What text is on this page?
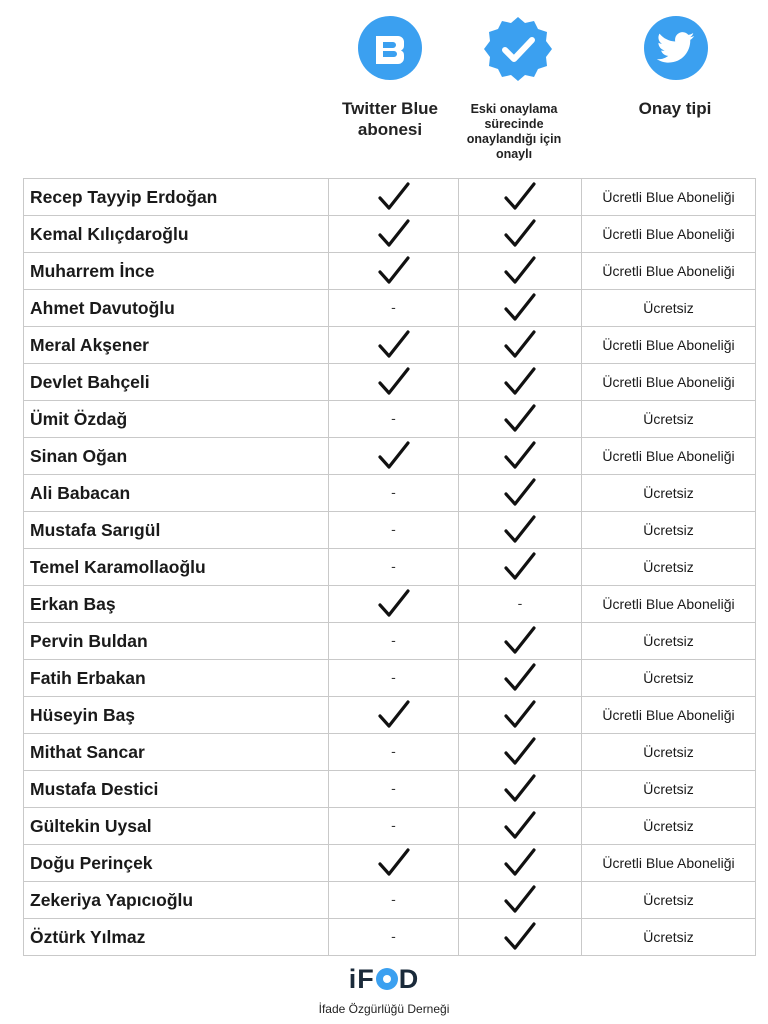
Twitter Blue abonesi
Eski onaylama sürecinde onaylandığı için onaylı
Onay tipi
Recep Tayyip Erdoğan			Ücretli Blue Aboneliği
Kemal Kılıçdaroğlu			Ücretli Blue Aboneliği
Muharrem İnce			Ücretli Blue Aboneliği
Ahmet Davutoğlu	-		Ücretsiz
Meral Akşener			Ücretli Blue Aboneliği
Devlet Bahçeli			Ücretli Blue Aboneliği
Ümit Özdağ	-		Ücretsiz
Sinan Oğan			Ücretli Blue Aboneliği
Ali Babacan	-		Ücretsiz
Mustafa Sarıgül	-		Ücretsiz
Temel Karamollaoğlu	-		Ücretsiz
Erkan Baş		-	Ücretli Blue Aboneliği
Pervin Buldan	-		Ücretsiz
Fatih Erbakan	-		Ücretsiz
Hüseyin Baş			Ücretli Blue Aboneliği
Mithat Sancar	-		Ücretsiz
Mustafa Destici	-		Ücretsiz
Gültekin Uysal	-		Ücretsiz
Doğu Perinçek			Ücretli Blue Aboneliği
Zekeriya Yapıcıoğlu	-		Ücretsiz
Öztürk Yılmaz	-		Ücretsiz
iF D
İfade Özgürlüğü Derneği
